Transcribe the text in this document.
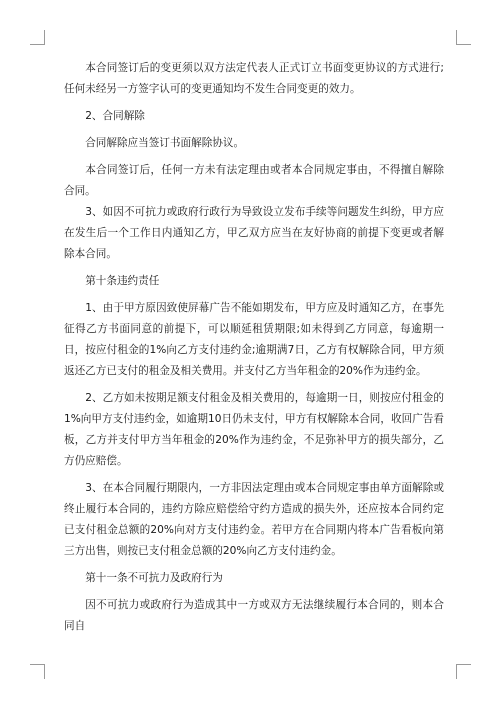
本合同签订后的变更须以双方法定代表人正式订立书面变更协议的方式进行;任何未经另一方签字认可的变更通知均不发生合同变更的效力。

2、合同解除

合同解除应当签订书面解除协议。

本合同签订后，任何一方未有法定理由或者本合同规定事由，不得擅自解除合同。

3、如因不可抗力或政府行政行为导致设立发布手续等问题发生纠纷，甲方应在发生后一个工作日内通知乙方，甲乙双方应当在友好协商的前提下变更或者解除本合同。

第十条违约责任

1、由于甲方原因致使屏幕广告不能如期发布，甲方应及时通知乙方，在事先征得乙方书面同意的前提下，可以顺延租赁期限;如未得到乙方同意，每逾期一日，按应付租金的1%向乙方支付违约金;逾期满7日，乙方有权解除合同，甲方须返还乙方已支付的租金及相关费用。并支付乙方当年租金的20%作为违约金。

2、乙方如未按期足额支付租金及相关费用的，每逾期一日，则按应付租金的1%向甲方支付违约金，如逾期10日仍未支付，甲方有权解除本合同，收回广告看板，乙方并支付甲方当年租金的20%作为违约金，不足弥补甲方的损失部分，乙方仍应赔偿。

3、在本合同履行期限内，一方非因法定理由或本合同规定事由单方面解除或终止履行本合同的，违约方除应赔偿给守约方造成的损失外，还应按本合同约定已支付租金总额的20%向对方支付违约金。若甲方在合同期内将本广告看板向第三方出售，则按已支付租金总额的20%向乙方支付违约金。

第十一条不可抗力及政府行为

因不可抗力或政府行为造成其中一方或双方无法继续履行本合同的，则本合同自
